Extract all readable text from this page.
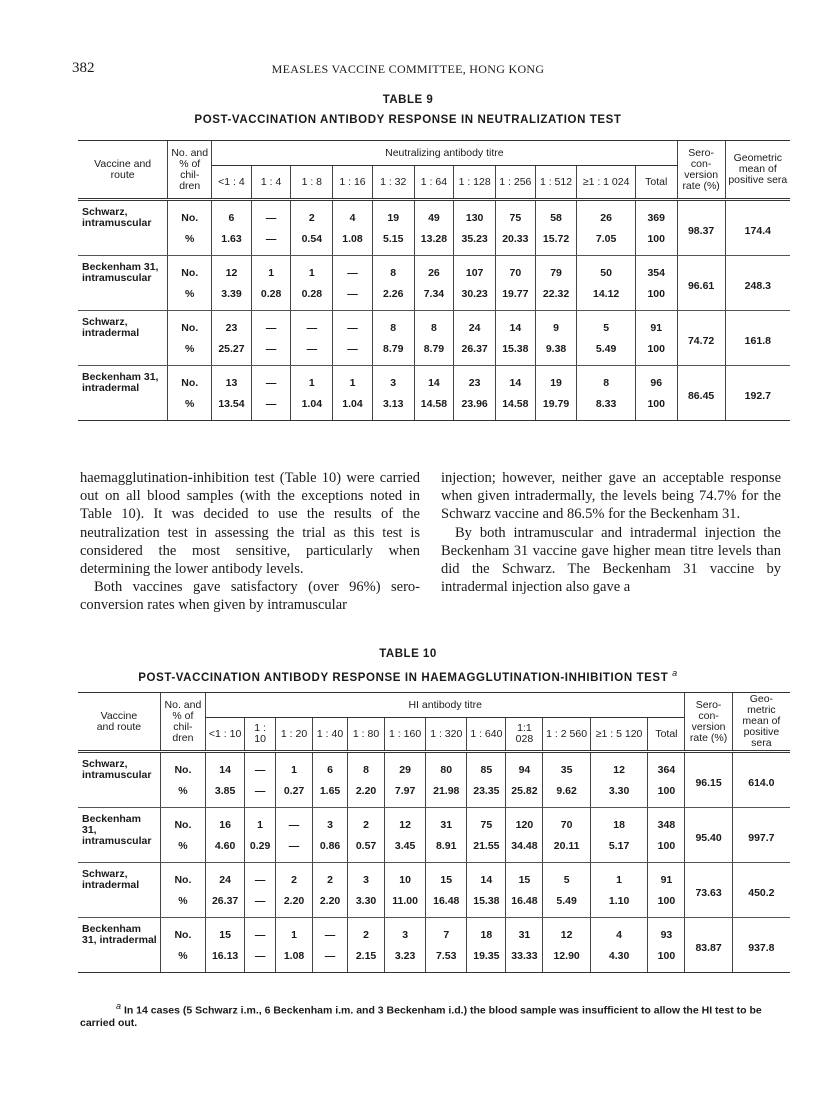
382	MEASLES VACCINE COMMITTEE, HONG KONG
TABLE 9
POST-VACCINATION ANTIBODY RESPONSE IN NEUTRALIZATION TEST
Vaccine and route	No. and % of chil- dren	Neutralizing antibody titre											Sero- con- version rate (%)	Geometric mean of positive sera
		<1 : 4	1 : 4	1 : 8	1 : 16	1 : 32	1 : 64	1 : 128	1 : 256	1 : 512	≥1 : 1 024	Total		
Schwarz, intramuscular	No.	6	—	2	4	19	49	130	75	58	26	369	98.37	174.4
	%	1.63	—	0.54	1.08	5.15	13.28	35.23	20.33	15.72	7.05	100		
Beckenham 31, intramuscular	No.	12	1	1	—	8	26	107	70	79	50	354	96.61	248.3
	%	3.39	0.28	0.28	—	2.26	7.34	30.23	19.77	22.32	14.12	100		
Schwarz, intradermal	No.	23	—	—	—	8	8	24	14	9	5	91	74.72	161.8
	%	25.27	—	—	—	8.79	8.79	26.37	15.38	9.38	5.49	100		
Beckenham 31, intradermal	No.	13	—	1	1	3	14	23	14	19	8	96	86.45	192.7
	%	13.54	—	1.04	1.04	3.13	14.58	23.96	14.58	19.79	8.33	100		

haemagglutination-inhibition test (Table 10) were carried out on all blood samples (with the exceptions noted in Table 10). It was decided to use the results of the neutralization test in assessing the trial as this test is considered the most sensitive, particularly when determining the lower antibody levels.

Both vaccines gave satisfactory (over 96%) sero-conversion rates when given by intramuscular

injection; however, neither gave an acceptable response when given intradermally, the levels being 74.7% for the Schwarz vaccine and 86.5% for the Beckenham 31.

By both intramuscular and intradermal injection the Beckenham 31 vaccine gave higher mean titre levels than did the Schwarz. The Beckenham 31 vaccine by intradermal injection also gave a

TABLE 10
POST-VACCINATION ANTIBODY RESPONSE IN HAEMAGGLUTINATION-INHIBITION TEST $^a$
Vaccine and route	No. and % of chil- dren	HI antibody titre												Sero- con- version rate (%)	Geo- metric mean of positive sera
		<1 : 10	1 : 10	1 : 20	1 : 40	1 : 80	1 : 160	1 : 320	1 : 640	1:1 028	1 : 2 560	≥1 : 5 120	Total		
Schwarz, intramuscular	No.	14	—	1	6	8	29	80	85	94	35	12	364	96.15	614.0
	%	3.85	—	0.27	1.65	2.20	7.97	21.98	23.35	25.82	9.62	3.30	100		
Beckenham 31, intramuscular	No.	16	1	—	3	2	12	31	75	120	70	18	348	95.40	997.7
	%	4.60	0.29	—	0.86	0.57	3.45	8.91	21.55	34.48	20.11	5.17	100		
Schwarz, intradermal	No.	24	—	2	2	3	10	15	14	15	5	1	91	73.63	450.2
	%	26.37	—	2.20	2.20	3.30	11.00	16.48	15.38	16.48	5.49	1.10	100		
Beckenham 31, intradermal	No.	15	—	1	—	2	3	7	18	31	12	4	93	83.87	937.8
	%	16.13	—	1.08	—	2.15	3.23	7.53	19.35	33.33	12.90	4.30	100		
a In 14 cases (5 Schwarz i.m., 6 Beckenham i.m. and 3 Beckenham i.d.) the blood sample was insufficient to allow the HI test to be carried out.
